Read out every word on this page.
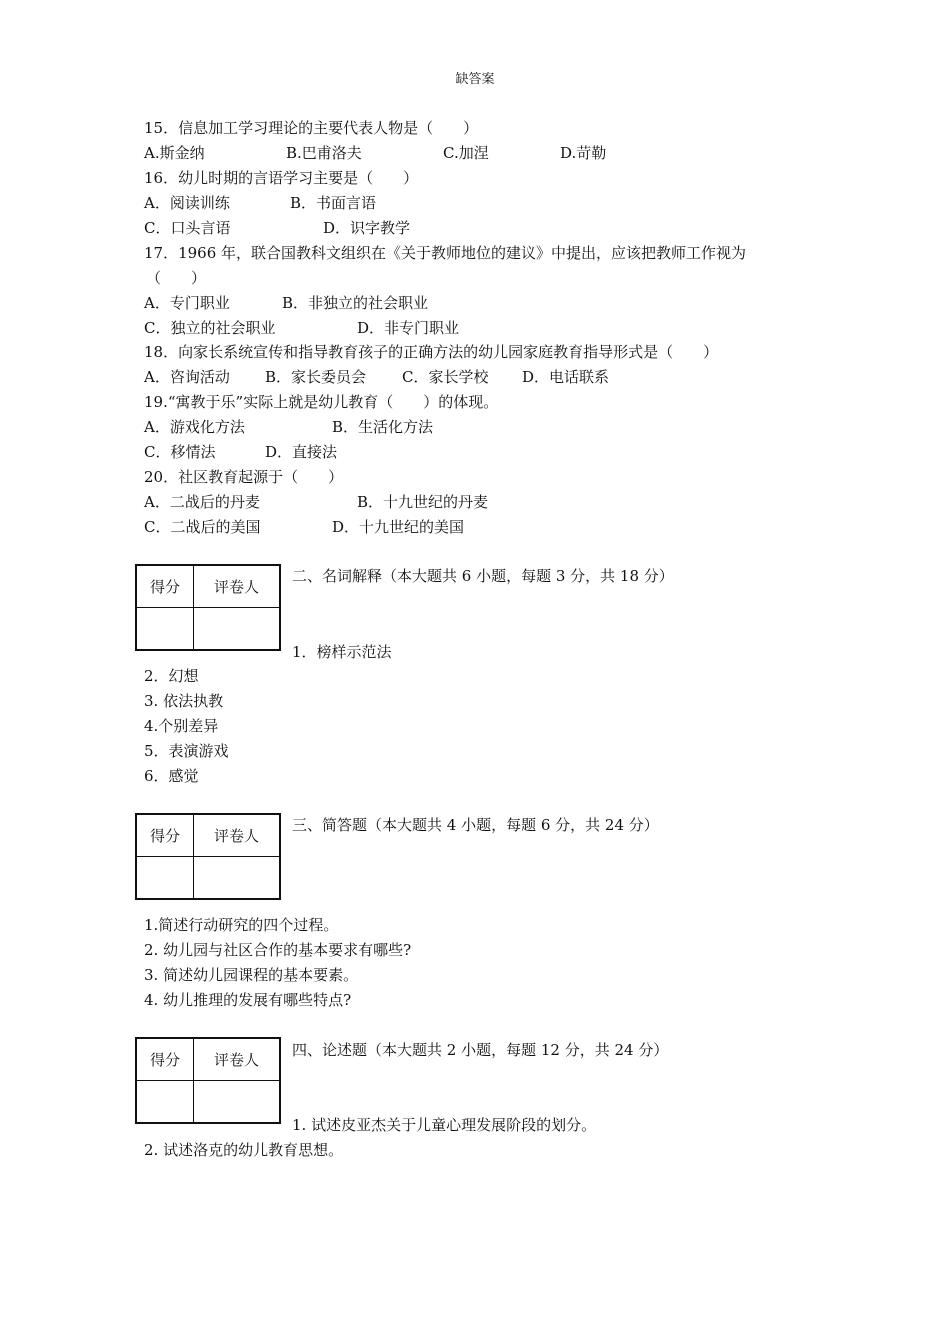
缺答案
15．信息加工学习理论的主要代表人物是（　　）
A.斯金纳	B.巴甫洛夫	C.加涅	D.苛勒
16．幼儿时期的言语学习主要是（　　）
A．阅读训练	B．书面言语
C．口头言语	D．识字教学
17．1966 年，联合国教科文组织在《关于教师地位的建议》中提出，应该把教师工作视为
（　　）
A．专门职业	B．非独立的社会职业
C．独立的社会职业	D．非专门职业
18．向家长系统宣传和指导教育孩子的正确方法的幼儿园家庭教育指导形式是（　　）
A．咨询活动 B．家长委员会 C．家长学校 D．电话联系
19.“寓教于乐”实际上就是幼儿教育（　　）的体现。
A．游戏化方法	B．生活化方法
C．移情法	D．直接法
20．社区教育起源于（　　）
A．二战后的丹麦	B．十九世纪的丹麦
C．二战后的美国	D．十九世纪的美国
得分	评卷人

二、名词解释（本大题共 6 小题，每题 3 分，共 18 分）
1．榜样示范法
2．幻想
3. 依法执教
4.个别差异
5．表演游戏
6．感觉
得分	评卷人

三、简答题（本大题共 4 小题，每题 6 分，共 24 分）
1.简述行动研究的四个过程。
2. 幼儿园与社区合作的基本要求有哪些?
3. 简述幼儿园课程的基本要素。
4. 幼儿推理的发展有哪些特点?
得分	评卷人

四、论述题（本大题共 2 小题，每题 12 分，共 24 分）
1. 试述皮亚杰关于儿童心理发展阶段的划分。
2. 试述洛克的幼儿教育思想。
